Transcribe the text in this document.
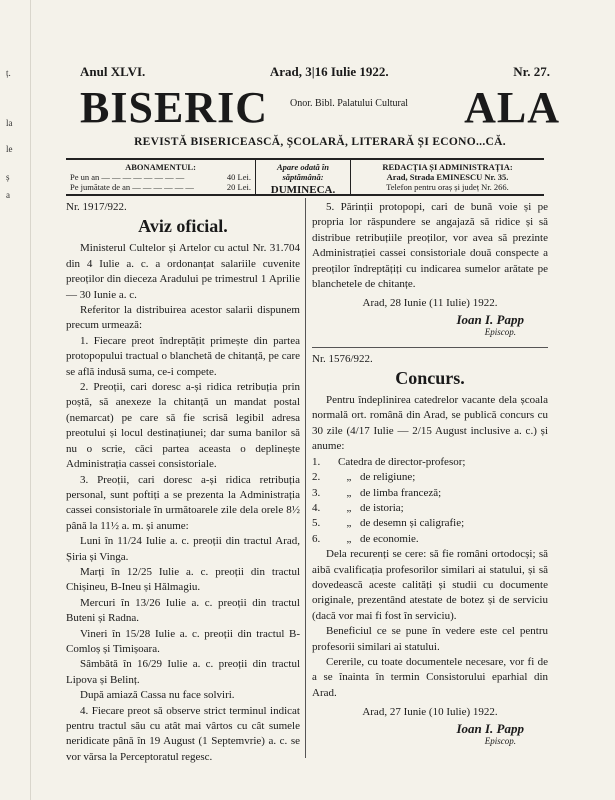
ț.
la
le
ș
a
Anul XLVI.	Arad, 3|16 Iulie 1922.	Nr. 27.
BISERIC Onor. Bibl. Palatului Cultural ALA
REVISTĂ BISERICEASCĂ, ȘCOLARĂ, LITERARĂ ȘI ECONO...CĂ.
ABONAMENTUL:
Pe un an — — — — — — — —	40 Lei.
Pe jumătate de an — — — — — —	20 Lei.
Apare odată în săptămână:
DUMINECA.
REDACȚIA ȘI ADMINISTRAȚIA:
Arad, Strada EMINESCU Nr. 35.
Telefon pentru oraș și județ Nr. 266.

Nr. 1917/922.

Aviz oficial.

Ministerul Cultelor și Artelor cu actul Nr. 31.704 din 4 Iulie a. c. a ordonanțat salariile cuvenite preoților din dieceza Aradului pe trimestrul 1 Aprilie — 30 Iunie a. c.

Referitor la distribuirea acestor salarii dispunem precum urmează:

1. Fiecare preot îndreptățit primește din partea protopopului tractual o blanchetă de chitanță, pe care se află indusă suma, ce-i compete.

2. Preoții, cari doresc a-și ridica retribuția prin poștă, să anexeze la chitanță un mandat postal (nemarcat) pe care să fie scrisă legibil adresa preotului și locul destinațiunei; dar suma banilor să nu o scrie, căci partea aceasta o deplinește Administrația cassei consistoriale.

3. Preoții, cari doresc a-și ridica retribuția personal, sunt poftiți a se prezenta la Administrația cassei consistoriale în următoarele zile dela orele 8½ până la 11½ a. m. și anume:

Luni în 11/24 Iulie a. c. preoții din tractul Arad, Șiria și Vinga.

Marți în 12/25 Iulie a. c. preoții din tractul Chișineu, B-Ineu și Hălmagiu.

Mercuri în 13/26 Iulie a. c. preoții din tractul Buteni și Radna.

Vineri în 15/28 Iulie a. c. preoții din tractul B-Comloș și Timișoara.

Sâmbătă în 16/29 Iulie a. c. preoții din tractul Lipova și Belinț.

După amiază Cassa nu face solviri.

4. Fiecare preot să observe strict terminul indicat pentru tractul său cu atât mai vârtos cu cât sumele neridicate până în 19 August (1 Septemvrie) a. c. se vor vărsa la Perceptoratul regesc.

5. Părinții protopopi, cari de bună voie și pe propria lor răspundere se angajază să ridice și să distribue retribuțiile preoților, vor avea să prezinte Administrației cassei consistoriale două conspecte a preoților îndreptățiți cu indicarea sumelor arătate pe blanchetele de chitanțe.

Arad, 28 Iunie (11 Iulie) 1922.

Ioan I. Papp

Episcop.

Nr. 1576/922.

Concurs.

Pentru îndeplinirea catedrelor vacante dela școala normală ort. română din Arad, se publică concurs cu 30 zile (4/17 Iulie — 2/15 August inclusive a. c.) și anume:

1.	Catedra de director-profesor;
2.	„ de religiune;
3.	„ de limba franceză;
4.	„ de istoria;
5.	„ de desemn și caligrafie;
6.	„ de economie.

Dela recurenți se cere: să fie români ortodocși; să aibă cvalificația profesorilor similari ai statului, și să dovedească aceste calități și studii cu documente originale, prezentând atestate de botez și de serviciu (dacă vor mai fi fost în serviciu).

Beneficiul ce se pune în vedere este cel pentru profesorii similari ai statului.

Cererile, cu toate documentele necesare, vor fi de a se înainta în termin Consistorului eparhial din Arad.

Arad, 27 Iunie (10 Iulie) 1922.

Ioan I. Papp

Episcop.
